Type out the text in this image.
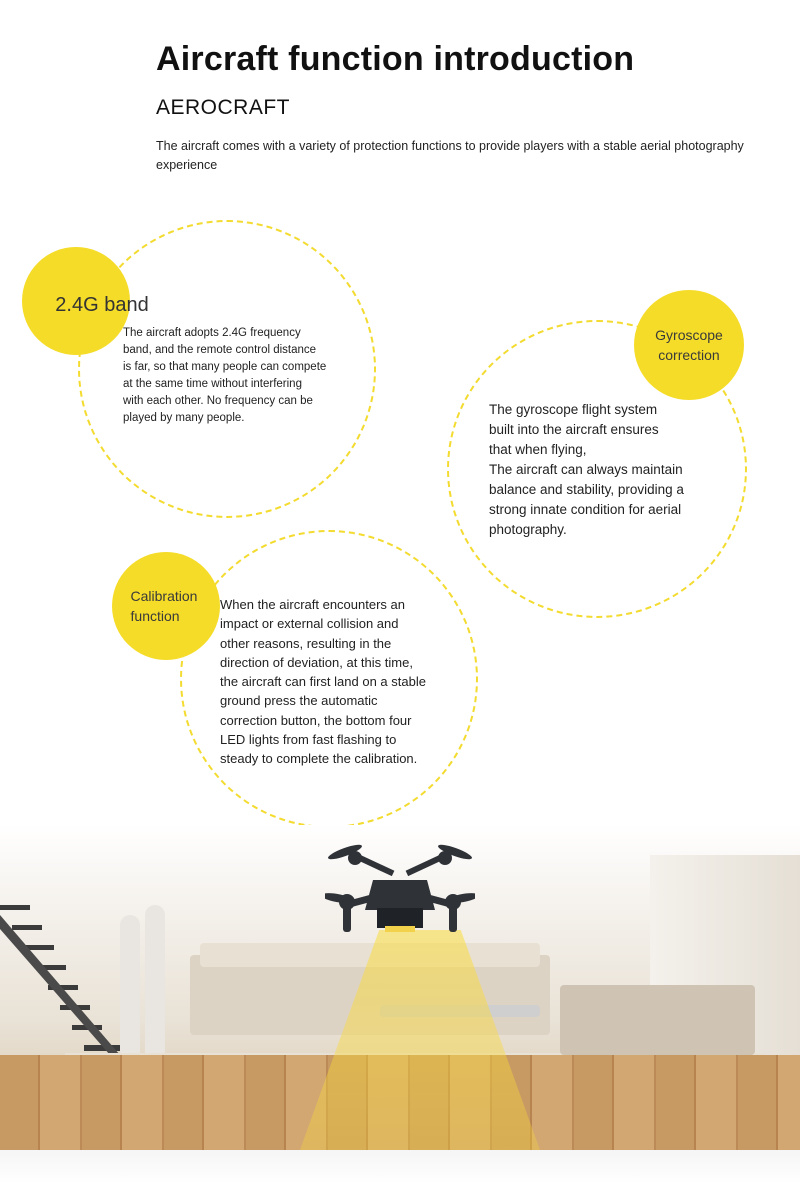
Aircraft function introduction
AEROCRAFT
The aircraft comes with a variety of protection functions to provide players with a stable aerial photography experience
2.4G band
The aircraft adopts 2.4G frequency
band, and the remote control distance
is far, so that many people can compete
at the same time without interfering
with each other. No frequency can be
played by many people.
Gyroscope
correction
The gyroscope flight system
built into the aircraft ensures
that when flying,
The aircraft can always maintain
balance and stability, providing a
strong innate condition for aerial
photography.
Calibration
function
When the aircraft encounters an
impact or external collision and
other reasons, resulting in the
direction of deviation, at this time,
the aircraft can first land on a stable
ground press the automatic
correction button, the bottom four
LED lights from fast flashing to
steady to complete the calibration.
